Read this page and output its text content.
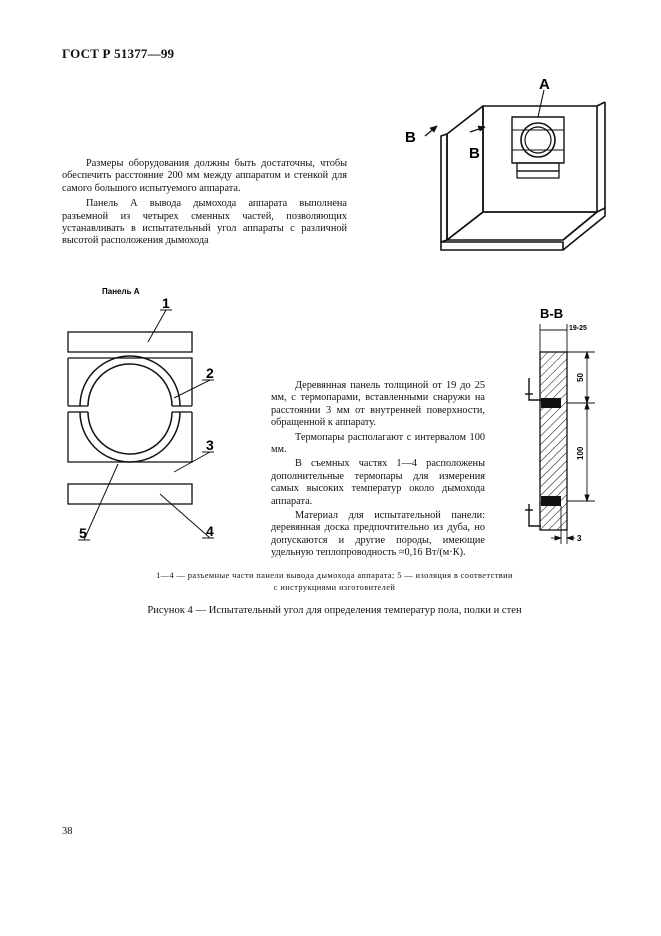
ГОСТ Р 51377—99
A
B
B

Размеры оборудования должны быть достаточны, чтобы обеспечить расстояние 200 мм между аппаратом и стенкой для самого большого испытуемого аппарата.

Панель А вывода дымохода аппарата выполнена разъемной из четырех сменных частей, позволяющих устанавливать в испытательный угол аппараты с различной высотой расположения дымохода

Панель А
1
2
3
4
5

Деревянная панель толщиной от 19 до 25 мм, с термопарами, вставленными снаружи на расстоянии 3 мм от внутренней поверхности, обращенной к аппарату.

Термопары располагают с интервалом 100 мм.

В съемных частях 1—4 расположены дополнительные термопары для измерения самых высоких температур около дымохода аппарата.

Материал для испытательной панели: деревянная доска предпочтительно из дуба, но допускаются и другие породы, имеющие удельную теплопроводность ≈0,16 Вт/(м·К).

B-B
19-25
50
100
3
1—4 — разъемные части панели вывода дымохода аппарата; 5 — изоляция в соответствии
с инструкциями изготовителей
Рисунок 4 — Испытательный угол для определения температур пола, полки и стен
38
